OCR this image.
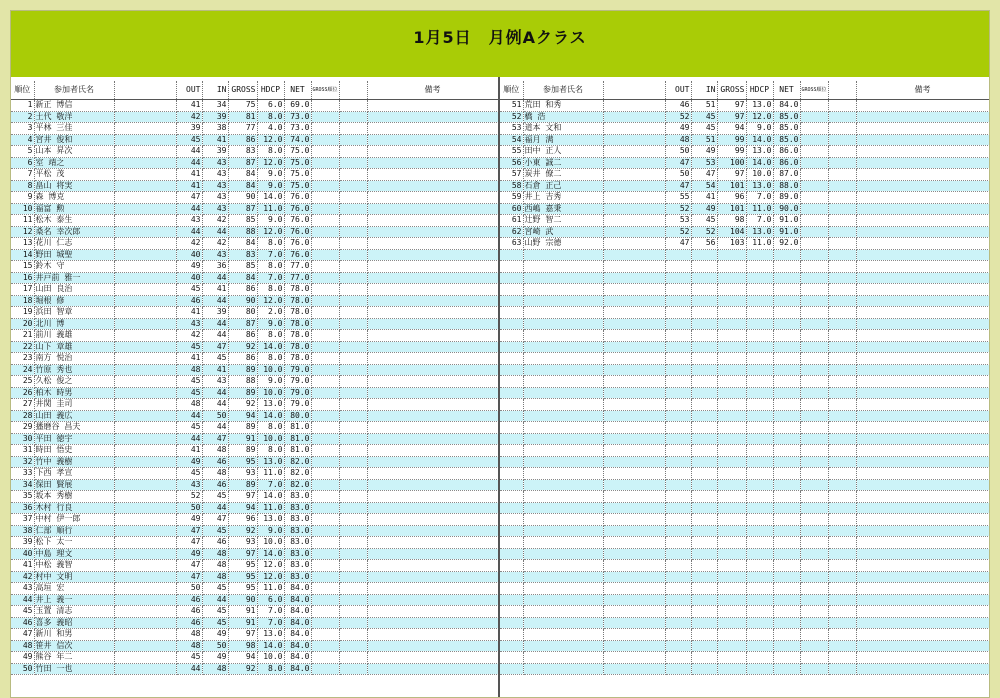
1月5日　月例Aクラス
順位	参加者氏名		OUT	IN	GROSS	HDCP	NET	GROSS順位		備考
1	新正 博信		41	34	75	6.0	69.0			
2	土代 敬洋		42	39	81	8.0	73.0			
3	平林 三佳		39	38	77	4.0	73.0			
4	宮井 俊和		45	41	86	12.0	74.0			
5	山本 昇次		44	39	83	8.0	75.0			
6	室 靖之		44	43	87	12.0	75.0			
7	平松 茂		41	43	84	9.0	75.0			
8	畠山 将実		41	43	84	9.0	75.0			
9	森 博克		47	43	90	14.0	76.0			
10	福富 勲		44	43	87	11.0	76.0			
11	松木 泰生		43	42	85	9.0	76.0			
12	桑名 幸次郎		44	44	88	12.0	76.0			
13	花川 仁志		42	42	84	8.0	76.0			
14	野田 城聖		40	43	83	7.0	76.0			
15	鈴木 守		49	36	85	8.0	77.0			
16	井戸前 雅一		40	44	84	7.0	77.0			
17	山田 良治		45	41	86	8.0	78.0			
18	堀根 修		46	44	90	12.0	78.0			
19	浜田 智章		41	39	80	2.0	78.0			
20	北川 博		43	44	87	9.0	78.0			
21	前川 義雄		42	44	86	8.0	78.0			
22	山下 章雄		45	47	92	14.0	78.0			
23	南方 悦治		41	45	86	8.0	78.0			
24	竹原 秀也		48	41	89	10.0	79.0			
25	久松 俊之		45	43	88	9.0	79.0			
26	柏木 時男		45	44	89	10.0	79.0			
27	井関 圭司		48	44	92	13.0	79.0			
28	山田 義広		44	50	94	14.0	80.0			
29	播磨谷 昌夫		45	44	89	8.0	81.0			
30	平田 徳宇		44	47	91	10.0	81.0			
31	時田 悟史		41	48	89	8.0	81.0			
32	竹中 義樹		49	46	95	13.0	82.0			
33	下西 孝宣		45	48	93	11.0	82.0			
34	保田 賢展		43	46	89	7.0	82.0			
35	坂本 秀樹		52	45	97	14.0	83.0			
36	木村 行良		50	44	94	11.0	83.0			
37	中村 伊一郎		49	47	96	13.0	83.0			
38	仁部 順行		47	45	92	9.0	83.0			
39	松下 太一		47	46	93	10.0	83.0			
40	中島 理文		49	48	97	14.0	83.0			
41	中松 義智		47	48	95	12.0	83.0			
42	村中 文明		47	48	95	12.0	83.0			
43	高垣 宏		50	45	95	11.0	84.0			
44	井上 義一		46	44	90	6.0	84.0			
45	玉置 清志		46	45	91	7.0	84.0			
46	喜多 義昭		46	45	91	7.0	84.0			
47	新川 和男		48	49	97	13.0	84.0			
48	笹井 信次		48	50	98	14.0	84.0			
49	熊谷 年二		45	49	94	10.0	84.0			
50	竹田 一也		44	48	92	8.0	84.0			
順位	参加者氏名		OUT	IN	GROSS	HDCP	NET	GROSS順位		備考
51	荒田 和秀		46	51	97	13.0	84.0			
52	橋 浩		52	45	97	12.0	85.0			
53	道本 文和		49	45	94	9.0	85.0			
54	福月 满		48	51	99	14.0	85.0			
55	田中 正人		50	49	99	13.0	86.0			
56	小東 誠二		47	53	100	14.0	86.0			
57	炭井 僚二		50	47	97	10.0	87.0			
58	石倉 正己		47	54	101	13.0	88.0			
59	井上 吉秀		55	41	96	7.0	89.0			
60	西嶋 嘉秉		52	49	101	11.0	90.0			
61	辻野 智二		53	45	98	7.0	91.0			
62	宮崎 武		52	52	104	13.0	91.0			
63	山野 宗德		47	56	103	11.0	92.0			
